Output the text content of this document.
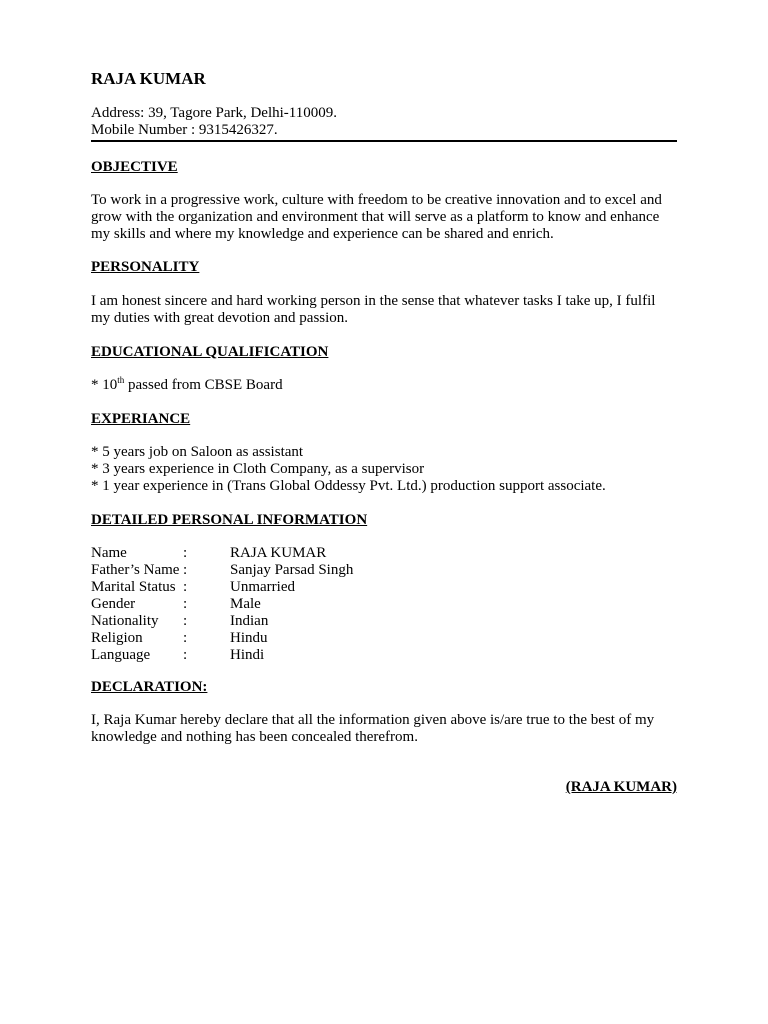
RAJA KUMAR

Address: 39, Tagore Park, Delhi-110009.

Mobile Number : 9315426327.

OBJECTIVE

To work in a progressive work, culture with freedom to be creative innovation and to excel and grow with the organization and environment that will serve as a platform to know and enhance my skills and where my knowledge and experience can be shared and enrich.

PERSONALITY

I am honest sincere and hard working person in the sense that whatever tasks I take up, I fulfil my duties with great devotion and passion.

EDUCATIONAL QUALIFICATION

* 10th passed from CBSE Board

EXPERIANCE

* 5 years job on Saloon as assistant

* 3 years experience in Cloth Company, as a supervisor

* 1 year experience in (Trans Global Oddessy Pvt. Ltd.) production support associate.

DETAILED PERSONAL INFORMATION

Name	:	RAJA KUMAR
Father’s Name :	Sanjay Parsad Singh
Marital Status :	Unmarried
Gender	:	Male
Nationality :	Indian
Religion	:	Hindu
Language :	Hindi

DECLARATION:

I, Raja Kumar hereby declare that all the information given above is/are true to the best of my knowledge and nothing has been concealed therefrom.

(RAJA KUMAR)
